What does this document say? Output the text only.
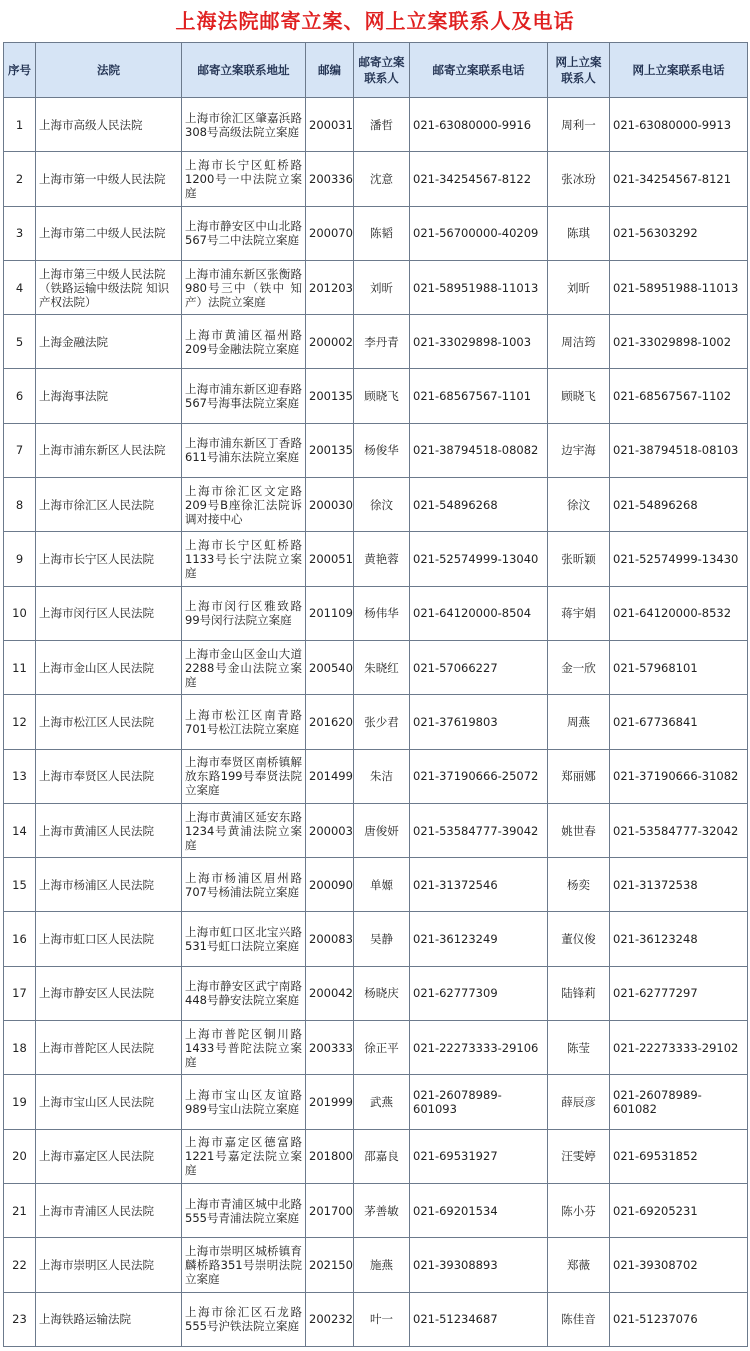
上海法院邮寄立案、网上立案联系人及电话
序号	法院	邮寄立案联系地址	邮编	邮寄立案联系人	邮寄立案联系电话	网上立案联系人	网上立案联系电话
1	上海市高级人民法院	上海市徐汇区肇嘉浜路308号高级法院立案庭	200031	潘哲	021-63080000-9916	周利一	021-63080000-9913
2	上海市第一中级人民法院	上海市长宁区虹桥路1200号一中法院立案庭	200336	沈意	021-34254567-8122	张冰玢	021-34254567-8121
3	上海市第二中级人民法院	上海市静安区中山北路567号二中法院立案庭	200070	陈韬	021-56700000-40209	陈琪	021-56303292
4	上海市第三中级人民法院（铁路运输中级法院 知识产权法院）	上海市浦东新区张衡路980号三中（铁中 知产）法院立案庭	201203	刘昕	021-58951988-11013	刘昕	021-58951988-11013
5	上海金融法院	上海市黄浦区福州路209号金融法院立案庭	200002	李丹青	021-33029898-1003	周洁筠	021-33029898-1002
6	上海海事法院	上海市浦东新区迎春路567号海事法院立案庭	200135	顾晓飞	021-68567567-1101	顾晓飞	021-68567567-1102
7	上海市浦东新区人民法院	上海市浦东新区丁香路611号浦东法院立案庭	200135	杨俊华	021-38794518-08082	边宇海	021-38794518-08103
8	上海市徐汇区人民法院	上海市徐汇区文定路209号B座徐汇法院诉调对接中心	200030	徐汶	021-54896268	徐汶	021-54896268
9	上海市长宁区人民法院	上海市长宁区虹桥路1133号长宁法院立案庭	200051	黄艳蓉	021-52574999-13040	张昕颖	021-52574999-13430
10	上海市闵行区人民法院	上海市闵行区雅致路99号闵行法院立案庭	201109	杨伟华	021-64120000-8504	蒋宇娟	021-64120000-8532
11	上海市金山区人民法院	上海市金山区金山大道2288号金山法院立案庭	200540	朱晓红	021-57066227	金一欣	021-57968101
12	上海市松江区人民法院	上海市松江区南青路701号松江法院立案庭	201620	张少君	021-37619803	周燕	021-67736841
13	上海市奉贤区人民法院	上海市奉贤区南桥镇解放东路199号奉贤法院立案庭	201499	朱洁	021-37190666-25072	郑丽娜	021-37190666-31082
14	上海市黄浦区人民法院	上海市黄浦区延安东路1234号黄浦法院立案庭	200003	唐俊妍	021-53584777-39042	姚世春	021-53584777-32042
15	上海市杨浦区人民法院	上海市杨浦区眉州路707号杨浦法院立案庭	200090	单嫄	021-31372546	杨奕	021-31372538
16	上海市虹口区人民法院	上海市虹口区北宝兴路531号虹口法院立案庭	200083	吴静	021-36123249	董仪俊	021-36123248
17	上海市静安区人民法院	上海市静安区武宁南路448号静安法院立案庭	200042	杨晓庆	021-62777309	陆锋莉	021-62777297
18	上海市普陀区人民法院	上海市普陀区铜川路1433号普陀法院立案庭	200333	徐正平	021-22273333-29106	陈莹	021-22273333-29102
19	上海市宝山区人民法院	上海市宝山区友谊路989号宝山法院立案庭	201999	武燕	021-26078989-601093	薛辰彦	021-26078989-601082
20	上海市嘉定区人民法院	上海市嘉定区德富路1221号嘉定法院立案庭	201800	邵嘉良	021-69531927	汪雯婷	021-69531852
21	上海市青浦区人民法院	上海市青浦区城中北路555号青浦法院立案庭	201700	茅善敏	021-69201534	陈小芬	021-69205231
22	上海市崇明区人民法院	上海市崇明区城桥镇育麟桥路351号崇明法院立案庭	202150	施燕	021-39308893	郑薇	021-39308702
23	上海铁路运输法院	上海市徐汇区石龙路555号沪铁法院立案庭	200232	叶一	021-51234687	陈佳音	021-51237076
